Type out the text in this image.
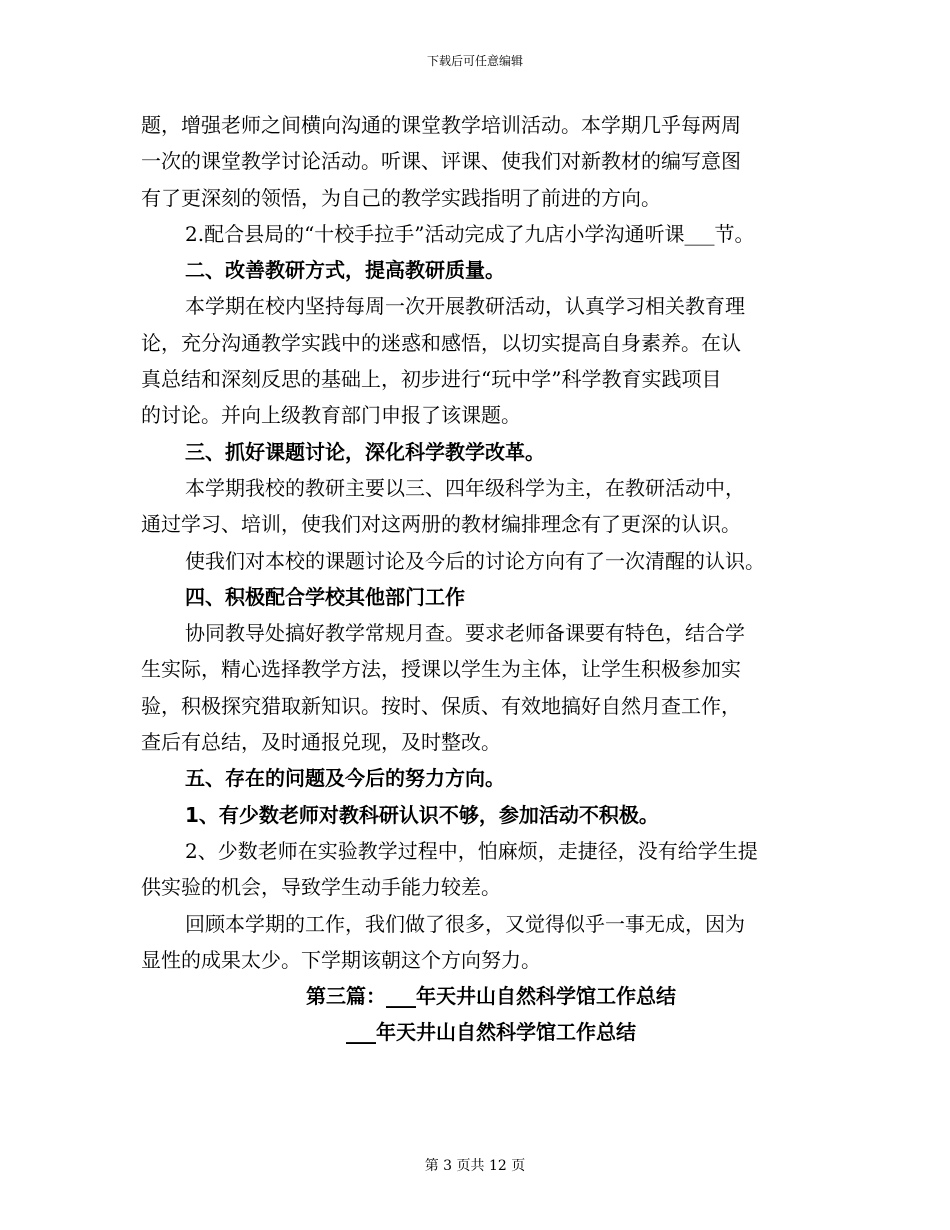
下载后可任意编辑
题，增强老师之间横向沟通的课堂教学培训活动。本学期几乎每两周
一次的课堂教学讨论活动。听课、评课、使我们对新教材的编写意图
有了更深刻的领悟，为自己的教学实践指明了前进的方向。
2.配合县局的“十校手拉手”活动完成了九店小学沟通听课___节。
二、改善教研方式，提高教研质量。
本学期在校内坚持每周一次开展教研活动，认真学习相关教育理
论，充分沟通教学实践中的迷惑和感悟，以切实提高自身素养。在认
真总结和深刻反思的基础上，初步进行“玩中学”科学教育实践项目
的讨论。并向上级教育部门申报了该课题。
三、抓好课题讨论，深化科学教学改革。
本学期我校的教研主要以三、四年级科学为主，在教研活动中，
通过学习、培训，使我们对这两册的教材编排理念有了更深的认识。
使我们对本校的课题讨论及今后的讨论方向有了一次清醒的认识。
四、积极配合学校其他部门工作
协同教导处搞好教学常规月查。要求老师备课要有特色，结合学
生实际，精心选择教学方法，授课以学生为主体，让学生积极参加实
验，积极探究猎取新知识。按时、保质、有效地搞好自然月查工作，
查后有总结，及时通报兑现，及时整改。
五、存在的问题及今后的努力方向。
1、有少数老师对教科研认识不够，参加活动不积极。
2、少数老师在实验教学过程中，怕麻烦，走捷径，没有给学生提
供实验的机会，导致学生动手能力较差。
回顾本学期的工作，我们做了很多，又觉得似乎一事无成，因为
显性的成果太少。下学期该朝这个方向努力。
第三篇：___年天井山自然科学馆工作总结
___年天井山自然科学馆工作总结
第 3 页共 12 页
